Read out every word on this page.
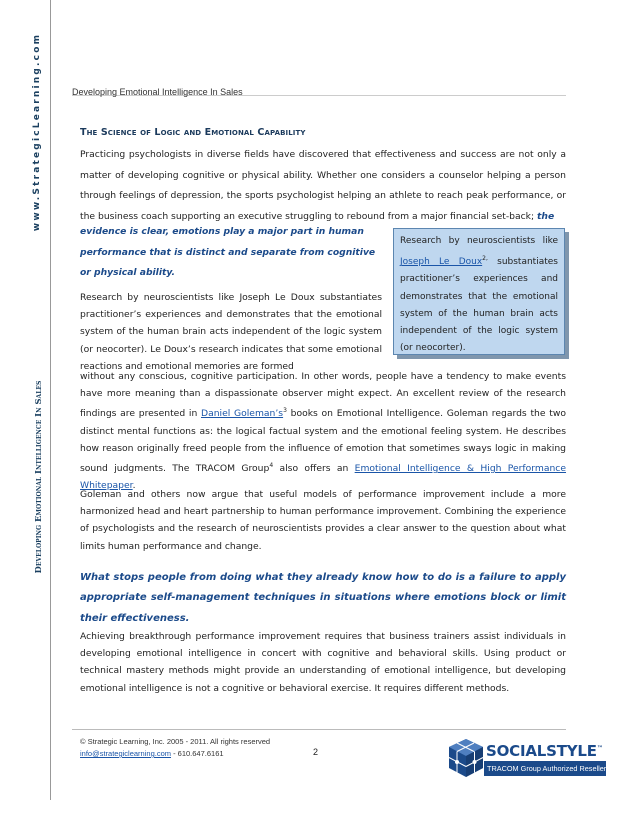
www.StrategicLearning.com
Developing Emotional Intelligence In Sales
Developing Emotional Intelligence In Sales
The Science of Logic and Emotional Capability
Practicing psychologists in diverse fields have discovered that effectiveness and success are not only a matter of developing cognitive or physical ability. Whether one considers a counselor helping a person through feelings of depression, the sports psychologist helping an athlete to reach peak performance, or the business coach supporting an executive struggling to rebound from a major financial set-back; the
evidence is clear, emotions play a major part in human performance that is distinct and separate from cognitive or physical ability.

Research by neuroscientists like Joseph Le Doux$^{2,}$ substantiates practitioner’s experiences and demonstrates that the emotional system of the human brain acts independent of the logic system (or neocorter).

Research by neuroscientists like Joseph Le Doux substantiates practitioner’s experiences and demonstrates that the emotional system of the human brain acts independent of the logic system (or neocorter). Le Doux’s research indicates that some emotional reactions and emotional memories are formed
without any conscious, cognitive participation. In other words, people have a tendency to make events have more meaning than a dispassionate observer might expect. An excellent review of the research findings are presented in Daniel $Goleman’s^3$ books on Emotional Intelligence. Goleman regards the two distinct mental functions as: the logical factual system and the emotional feeling system. He describes how reason originally freed people from the influence of emotion that sometimes sways logic in making sound judgments. The TRACOM Group$^4$ also offers an Emotional Intelligence & High Performance Whitepaper.
Goleman and others now argue that useful models of performance improvement include a more harmonized head and heart partnership to human performance improvement. Combining the experience of psychologists and the research of neuroscientists provides a clear answer to the question about what limits human performance and change.
What stops people from doing what they already know how to do is a failure to apply appropriate self-management techniques in situations where emotions block or limit their effectiveness.
Achieving breakthrough performance improvement requires that business trainers assist individuals in developing emotional intelligence in concert with cognitive and behavioral skills. Using product or technical mastery methods might provide an understanding of emotional intelligence, but developing emotional intelligence is not a cognitive or behavioral exercise. It requires different methods.
© Strategic Learning, Inc. 2005 - 2011. All rights reserved
info@strategiclearning.com - 610.647.6161	2	SOCIALSTYLE™
TRACOM Group Authorized Reseller
